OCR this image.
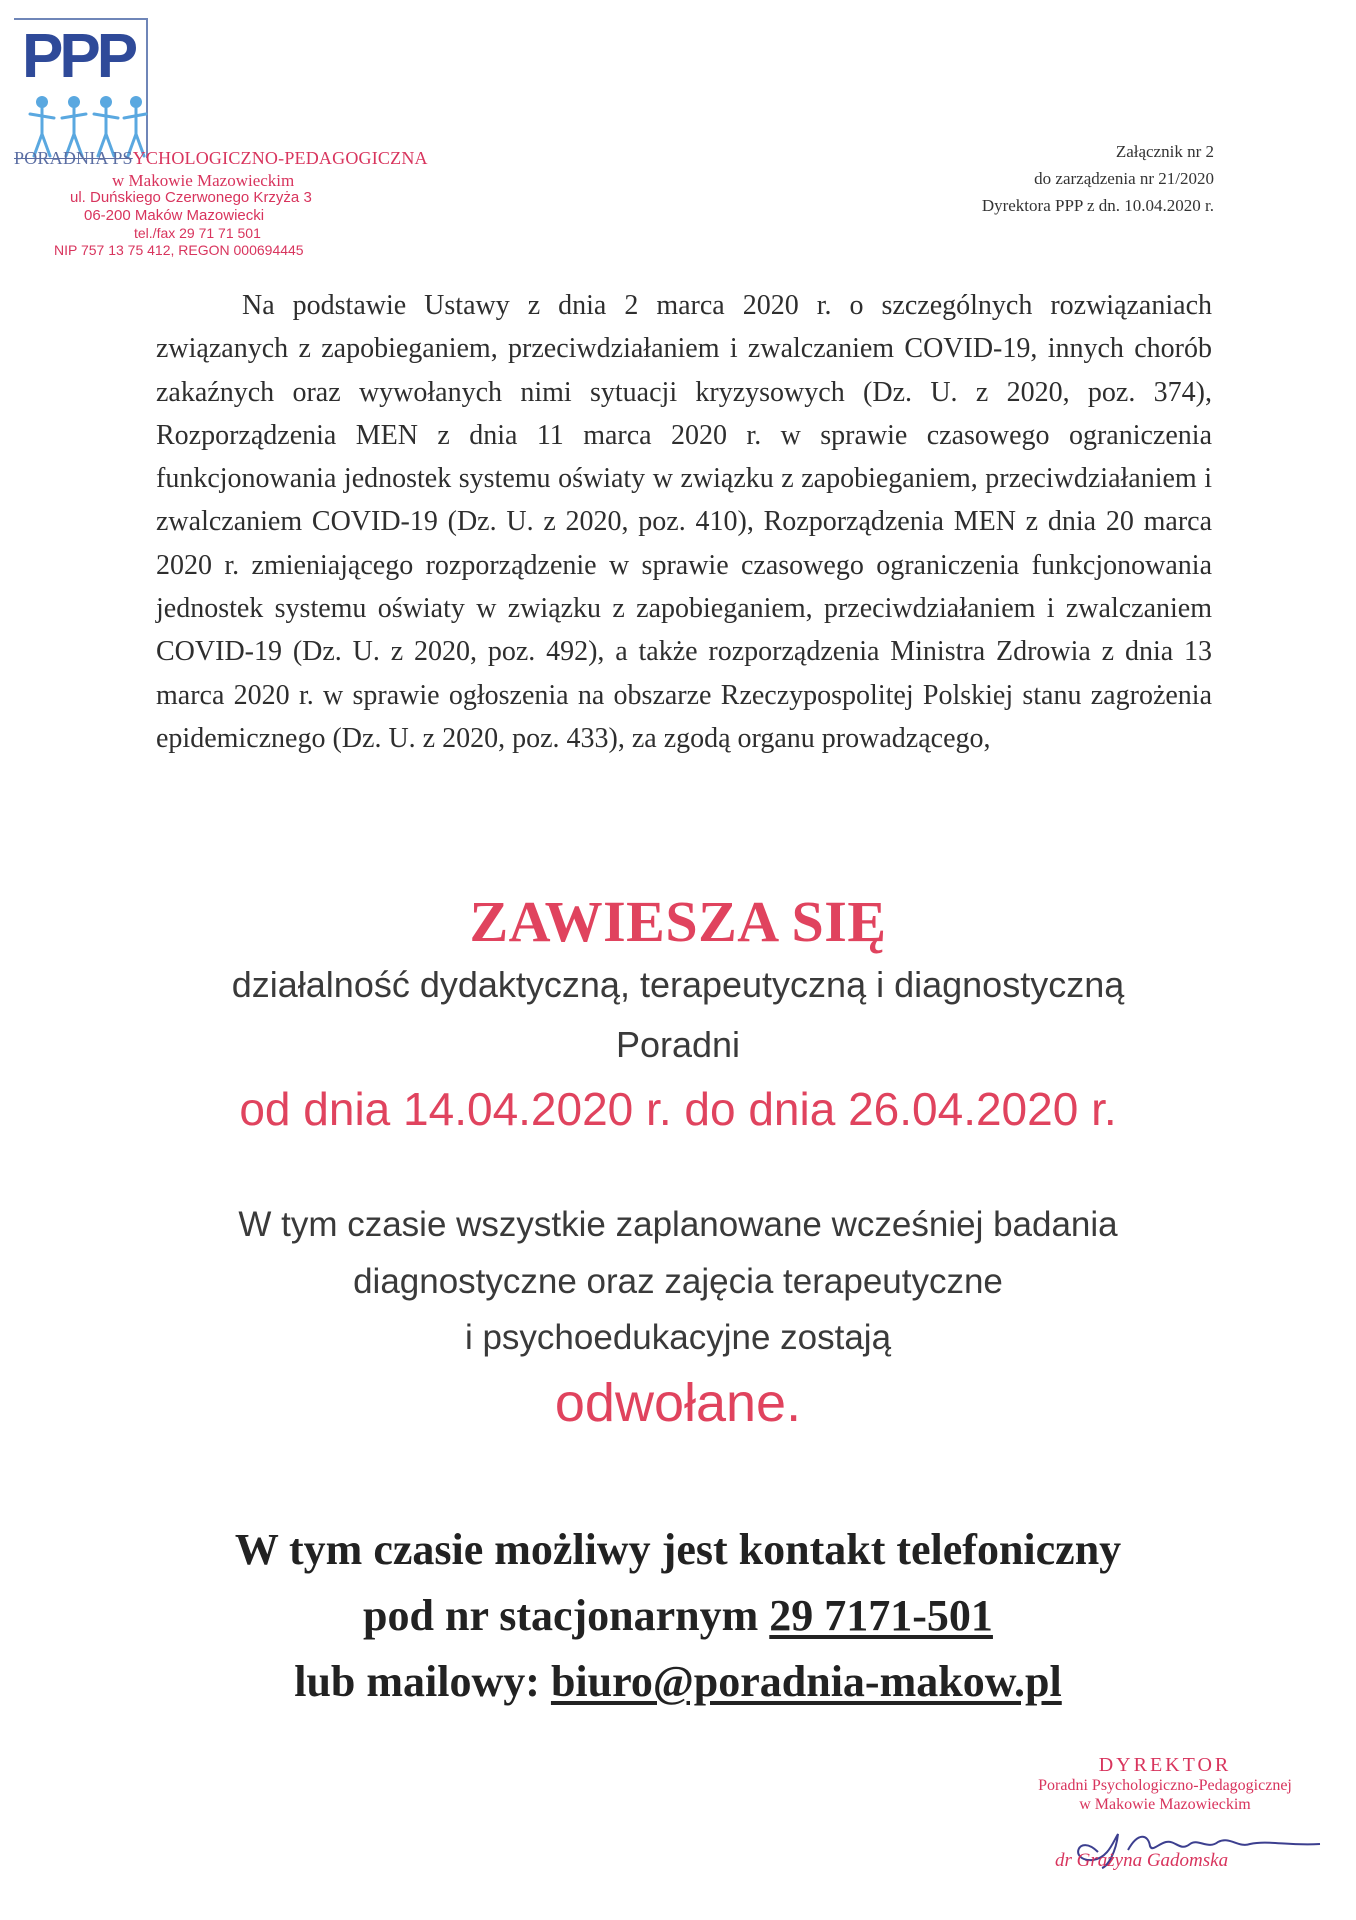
PPP
PORADNIA PSYCHOLOGICZNO-PEDAGOGICZNA
w Makowie Mazowieckim
ul. Duńskiego Czerwonego Krzyża 3
06-200 Maków Mazowiecki
tel./fax 29 71 71 501
NIP 757 13 75 412, REGON 000694445
Załącznik nr 2
do zarządzenia nr 21/2020
Dyrektora PPP z dn. 10.04.2020 r.

Na podstawie Ustawy z dnia 2 marca 2020 r. o szczególnych rozwiązaniach związanych z zapobieganiem, przeciwdziałaniem i zwalczaniem COVID-19, innych chorób zakaźnych oraz wywołanych nimi sytuacji kryzysowych (Dz. U. z 2020, poz. 374), Rozporządzenia MEN z dnia 11 marca 2020 r. w sprawie czasowego ograniczenia funkcjonowania jednostek systemu oświaty w związku z zapobieganiem, przeciwdziałaniem i zwalczaniem COVID-19 (Dz. U. z 2020, poz. 410), Rozporządzenia MEN z dnia 20 marca 2020 r. zmieniającego rozporządzenie w sprawie czasowego ograniczenia funkcjonowania jednostek systemu oświaty w związku z zapobieganiem, przeciwdziałaniem i zwalczaniem COVID-19 (Dz. U. z 2020, poz. 492), a także rozporządzenia Ministra Zdrowia z dnia 13 marca 2020 r. w sprawie ogłoszenia na obszarze Rzeczypospolitej Polskiej stanu zagrożenia epidemicznego (Dz. U. z 2020, poz. 433), za zgodą organu prowadzącego,

ZAWIESZA SIĘ

działalność dydaktyczną, terapeutyczną i diagnostyczną

Poradni

od dnia 14.04.2020 r. do dnia 26.04.2020 r.

W tym czasie wszystkie zaplanowane wcześniej badania

diagnostyczne oraz zajęcia terapeutyczne

i psychoedukacyjne zostają

odwołane.

W tym czasie możliwy jest kontakt telefoniczny

pod nr stacjonarnym 29 7171-501

lub mailowy: biuro@poradnia-makow.pl

DYREKTOR
Poradni Psychologiczno-Pedagogicznej
w Makowie Mazowieckim
dr Grażyna Gadomska
